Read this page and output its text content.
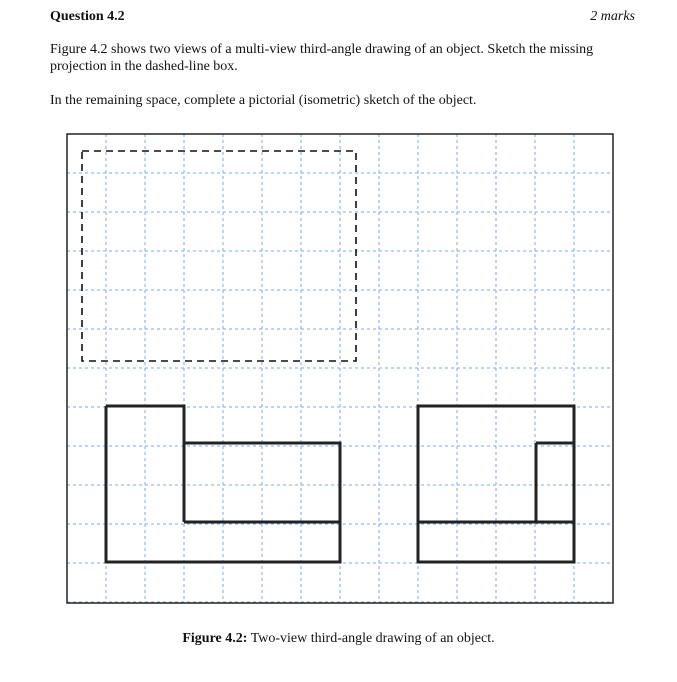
Question 4.2	2 marks
Figure 4.2 shows two views of a multi-view third-angle drawing of an object. Sketch the missing projection in the dashed-line box.
In the remaining space, complete a pictorial (isometric) sketch of the object.
Figure 4.2: Two-view third-angle drawing of an object.
